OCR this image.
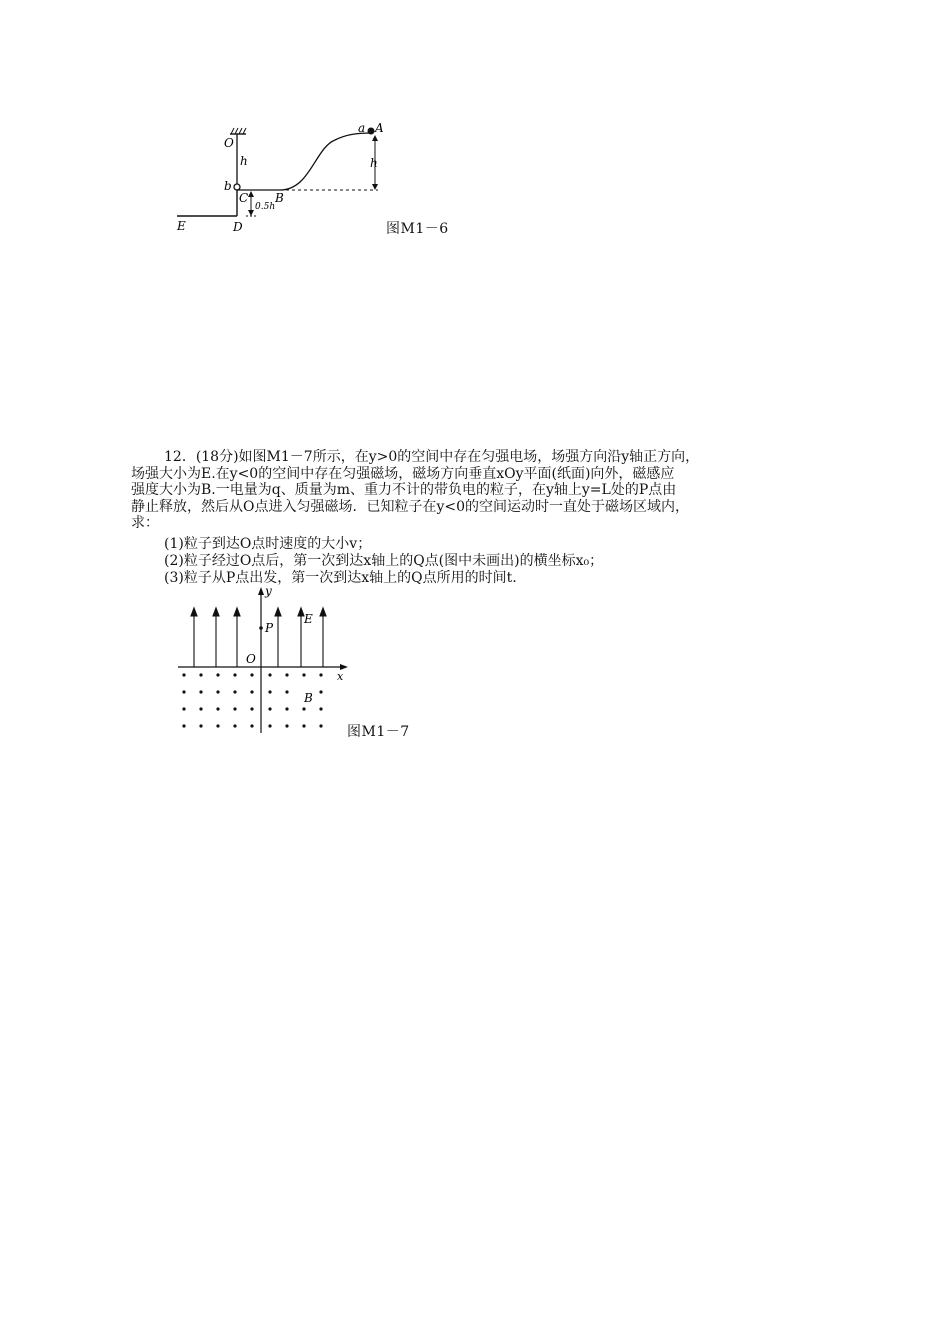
O
h
b
C
0.5h
B
E	D
a A
h
图M1－6

12．(18分)如图M1－7所示，在y>0的空间中存在匀强电场，场强方向沿y轴正方向，

场强大小为E.在y<0的空间中存在匀强磁场，磁场方向垂直xOy平面(纸面)向外，磁感应

强度大小为B.一电量为q、质量为m、重力不计的带负电的粒子，在y轴上y=L处的P点由

静止释放，然后从O点进入匀强磁场．已知粒子在y<0的空间运动时一直处于磁场区域内，

求：

(1)粒子到达O点时速度的大小v；
(2)粒子经过O点后，第一次到达x轴上的Q点(图中未画出)的横坐标x₀；
(3)粒子从P点出发，第一次到达x轴上的Q点所用的时间t.
y
P
E
O
x
B
图M1－7
